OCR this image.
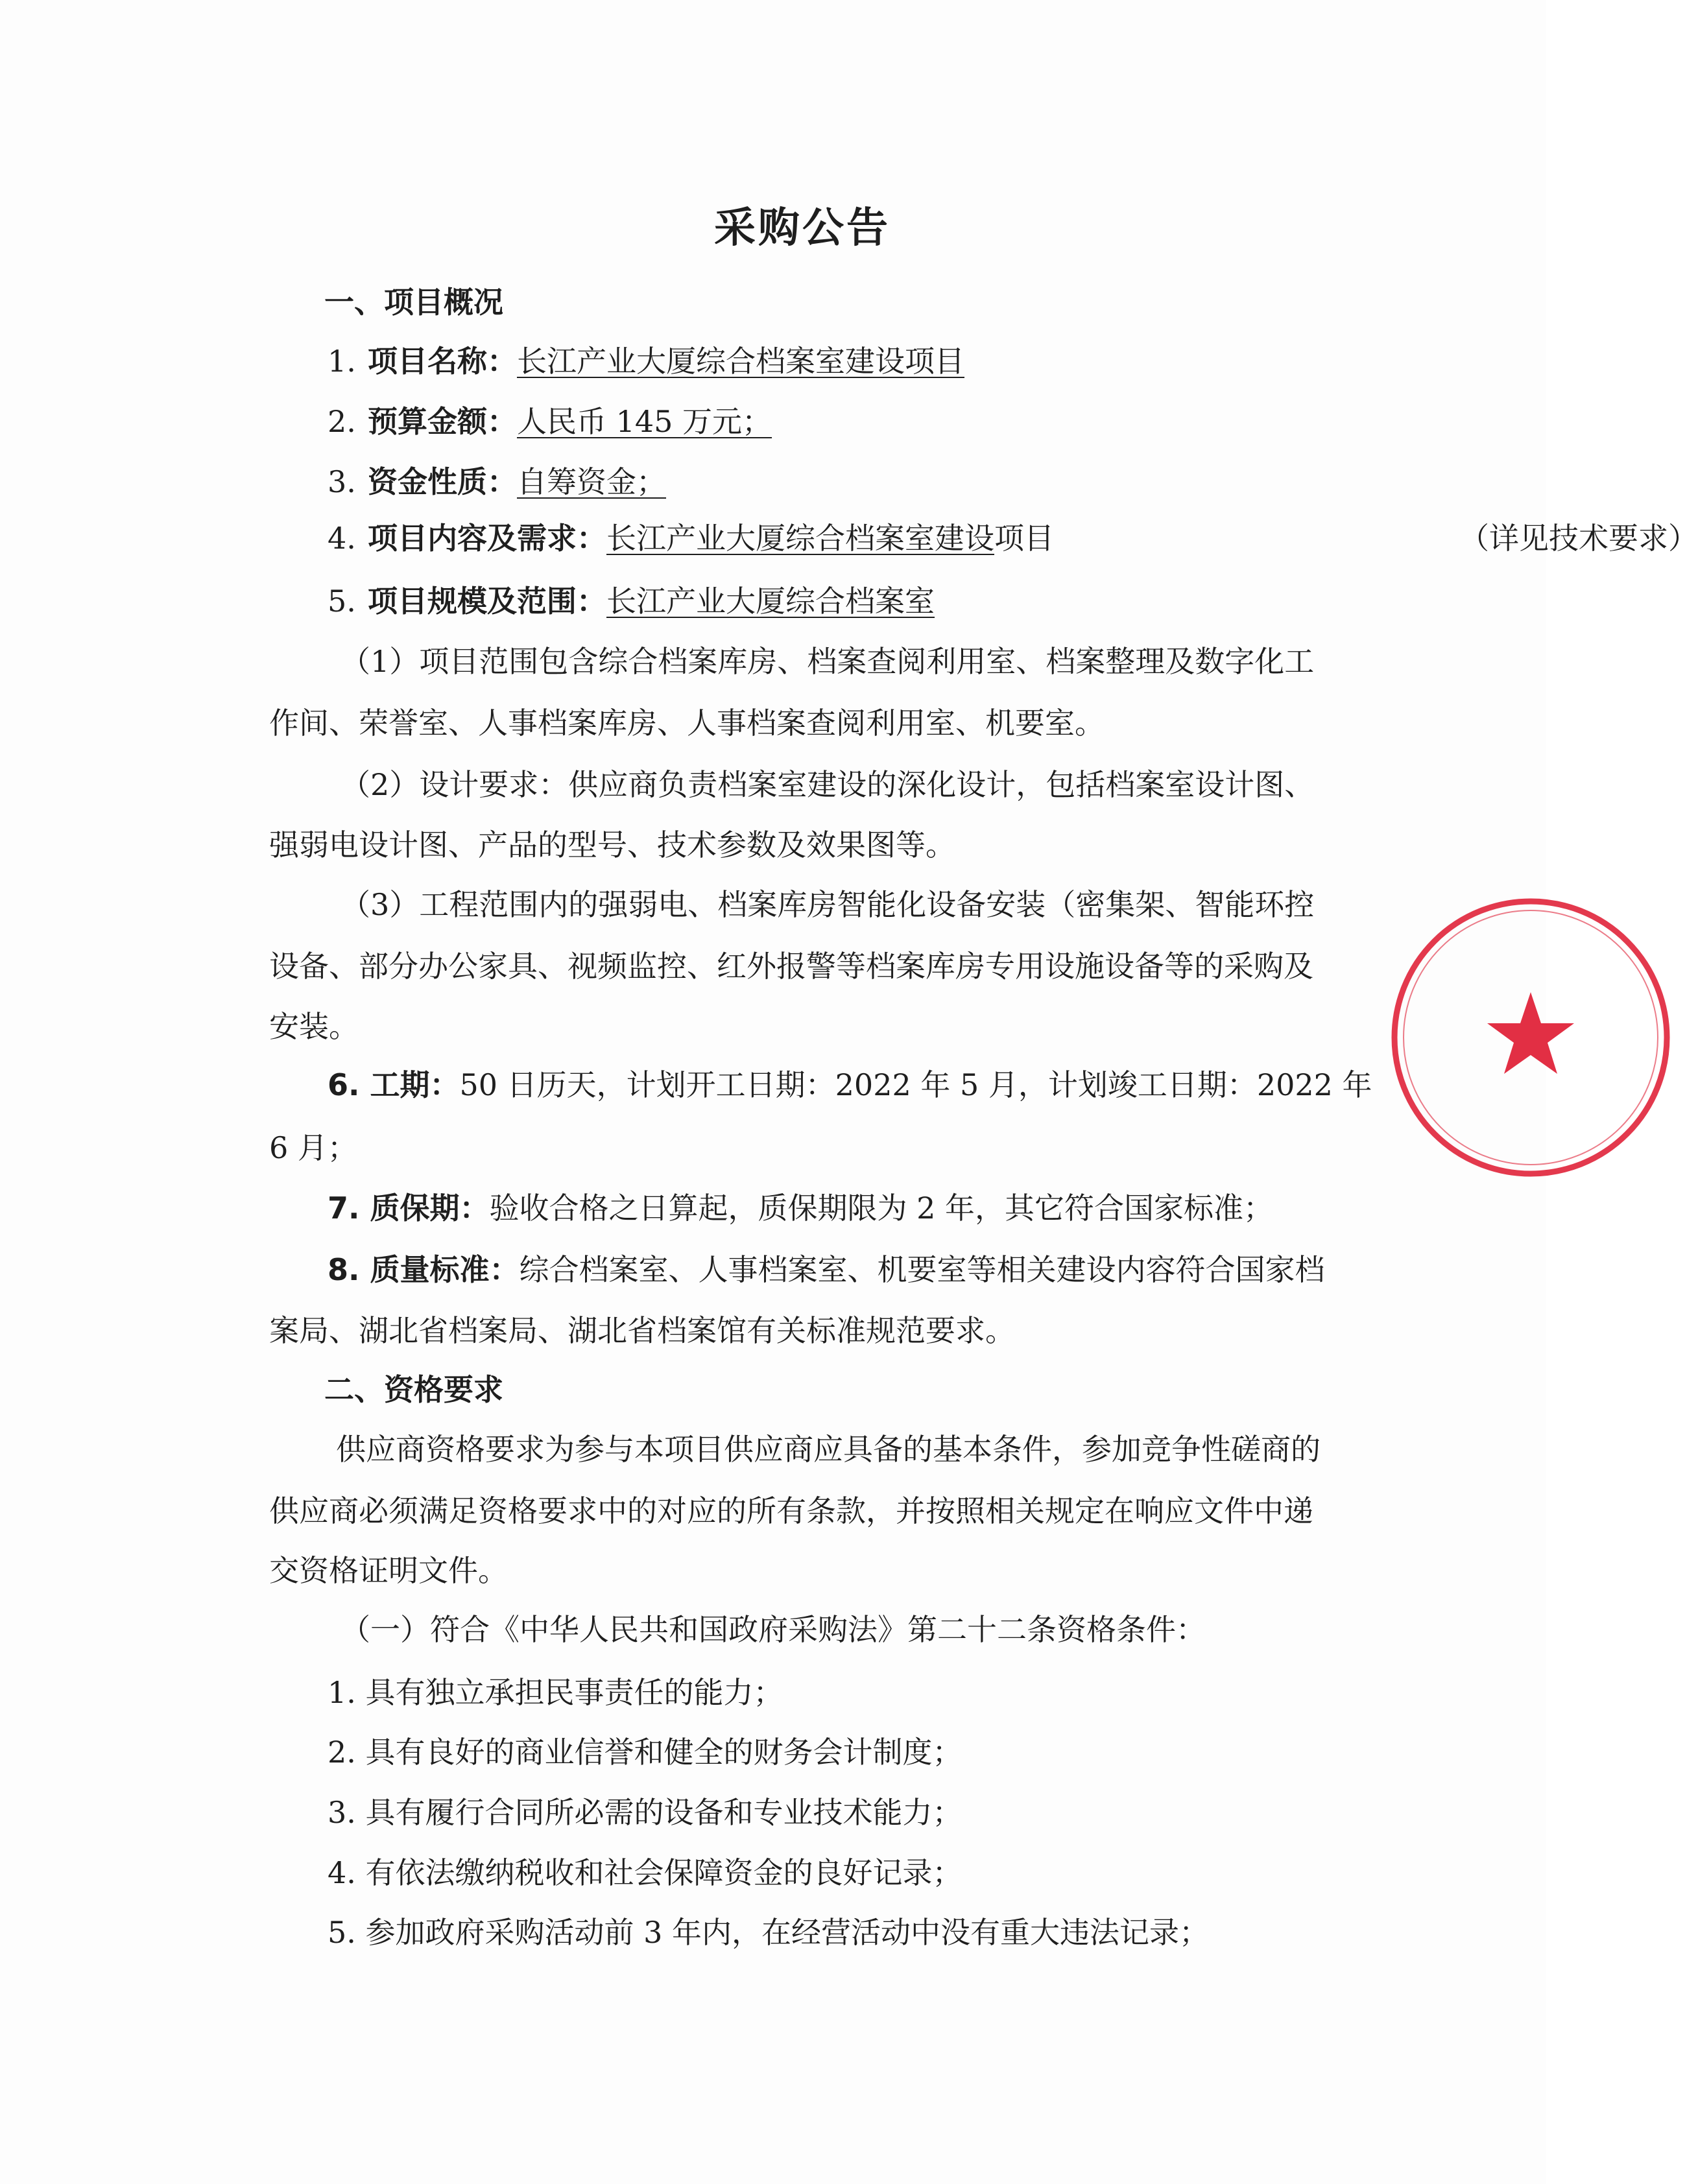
采购公告
一、项目概况
1. 项目名称：长江产业大厦综合档案室建设项目
2. 预算金额：人民币 145 万元；
3. 资金性质：自筹资金；
4. 项目内容及需求：长江产业大厦综合档案室建设项目	（详见技术要求）
5. 项目规模及范围：长江产业大厦综合档案室
（1）项目范围包含综合档案库房、档案查阅利用室、档案整理及数字化工
作间、荣誉室、人事档案库房、人事档案查阅利用室、机要室。
（2）设计要求：供应商负责档案室建设的深化设计，包括档案室设计图、
强弱电设计图、产品的型号、技术参数及效果图等。
（3）工程范围内的强弱电、档案库房智能化设备安装（密集架、智能环控
设备、部分办公家具、视频监控、红外报警等档案库房专用设施设备等的采购及
安装。
6. 工期：50 日历天，计划开工日期：2022 年 5 月，计划竣工日期：2022 年
6 月；
7. 质保期：验收合格之日算起，质保期限为 2 年，其它符合国家标准；
8. 质量标准：综合档案室、人事档案室、机要室等相关建设内容符合国家档
案局、湖北省档案局、湖北省档案馆有关标准规范要求。
二、资格要求
供应商资格要求为参与本项目供应商应具备的基本条件，参加竞争性磋商的
供应商必须满足资格要求中的对应的所有条款，并按照相关规定在响应文件中递
交资格证明文件。
（一）符合《中华人民共和国政府采购法》第二十二条资格条件：
1. 具有独立承担民事责任的能力；
2. 具有良好的商业信誉和健全的财务会计制度；
3. 具有履行合同所必需的设备和专业技术能力；
4. 有依法缴纳税收和社会保障资金的良好记录；
5. 参加政府采购活动前 3 年内，在经营活动中没有重大违法记录；
